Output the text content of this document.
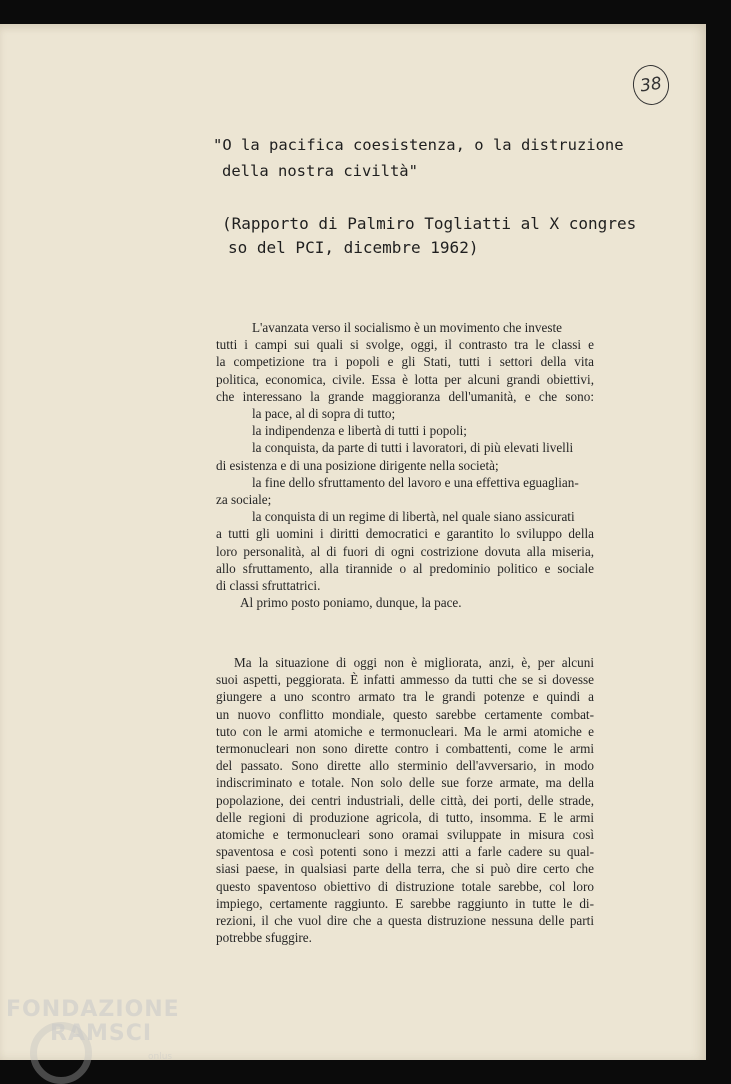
38
"O la pacifica coesistenza, o la distruzione
della nostra civiltà"
(Rapporto di Palmiro Togliatti al X congres
so del PCI, dicembre 1962)
L'avanzata verso il socialismo è un movimento che investe
tutti i campi sui quali si svolge, oggi, il contrasto tra le classi e
la competizione tra i popoli e gli Stati, tutti i settori della vita
politica, economica, civile. Essa è lotta per alcuni grandi obiettivi,
che interessano la grande maggioranza dell'umanità, e che sono:
la pace, al di sopra di tutto;
la indipendenza e libertà di tutti i popoli;
la conquista, da parte di tutti i lavoratori, di più elevati livelli
di esistenza e di una posizione dirigente nella società;
la fine dello sfruttamento del lavoro e una effettiva eguaglian-
za sociale;
la conquista di un regime di libertà, nel quale siano assicurati
a tutti gli uomini i diritti democratici e garantito lo sviluppo della
loro personalità, al di fuori di ogni costrizione dovuta alla miseria,
allo sfruttamento, alla tirannide o al predominio politico e sociale
di classi sfruttatrici.
Al primo posto poniamo, dunque, la pace.
Ma la situazione di oggi non è migliorata, anzi, è, per alcuni
suoi aspetti, peggiorata. È infatti ammesso da tutti che se si dovesse
giungere a uno scontro armato tra le grandi potenze e quindi a
un nuovo conflitto mondiale, questo sarebbe certamente combat-
tuto con le armi atomiche e termonucleari. Ma le armi atomiche e
termonucleari non sono dirette contro i combattenti, come le armi
del passato. Sono dirette allo sterminio dell'avversario, in modo
indiscriminato e totale. Non solo delle sue forze armate, ma della
popolazione, dei centri industriali, delle città, dei porti, delle strade,
delle regioni di produzione agricola, di tutto, insomma. E le armi
atomiche e termonucleari sono oramai sviluppate in misura così
spaventosa e così potenti sono i mezzi atti a farle cadere su qual-
siasi paese, in qualsiasi parte della terra, che si può dire certo che
questo spaventoso obiettivo di distruzione totale sarebbe, col loro
impiego, certamente raggiunto. E sarebbe raggiunto in tutte le di-
rezioni, il che vuol dire che a questa distruzione nessuna delle parti
potrebbe sfuggire.
FONDAZIONE
RAMSCI
onlus
